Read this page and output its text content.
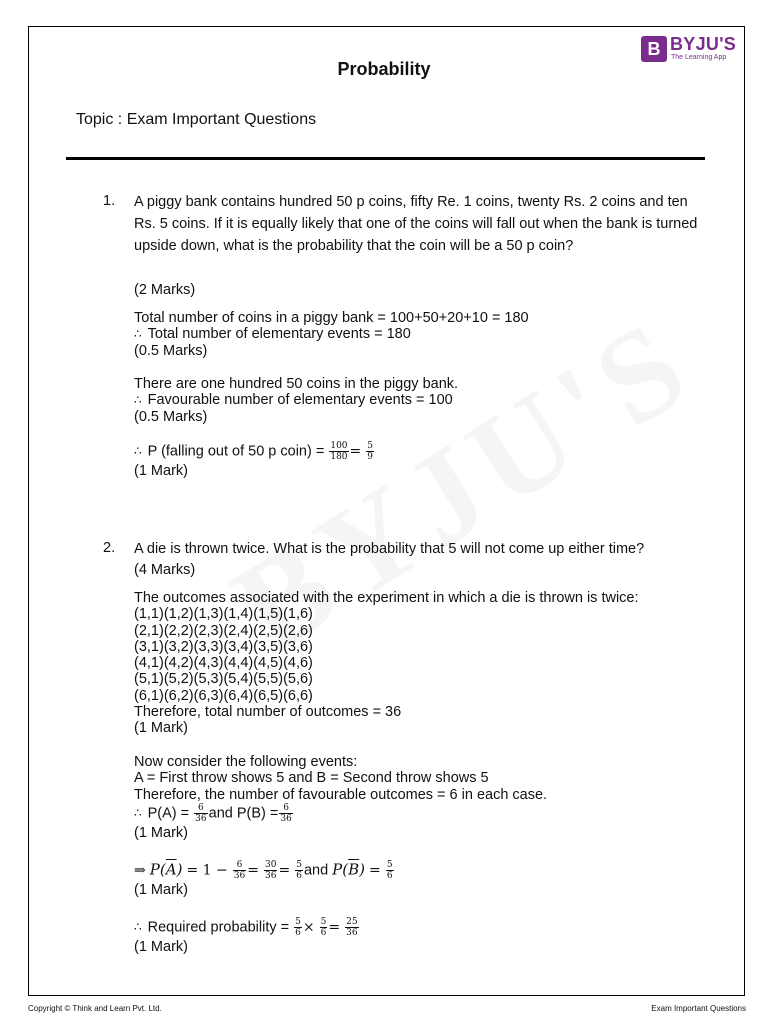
B BYJU'S
The Learning App
Probability
Topic : Exam Important Questions
1. A piggy bank contains hundred 50 p coins, fifty Re. 1 coins, twenty Rs. 2 coins and ten Rs. 5 coins. If it is equally likely that one of the coins will fall out when the bank is turned upside down, what is the probability that the coin will be a 50 p coin?
(2 Marks)
Total number of coins in a piggy bank = 100+50+20+10 = 180
∴ Total number of elementary events = 180
(0.5 Marks)
There are one hundred 50 coins in the piggy bank.
∴ Favourable number of elementary events = 100
(0.5 Marks)
∴ P (falling out of 50 p coin) = $\frac{100}{180} = \frac{5}{9}$
(1 Mark)
2. A die is thrown twice. What is the probability that 5 will not come up either time?
(4 Marks)
The outcomes associated with the experiment in which a die is thrown is twice:
(1,1)(1,2)(1,3)(1,4)(1,5)(1,6)
(2,1)(2,2)(2,3)(2,4)(2,5)(2,6)
(3,1)(3,2)(3,3)(3,4)(3,5)(3,6)
(4,1)(4,2)(4,3)(4,4)(4,5)(4,6)
(5,1)(5,2)(5,3)(5,4)(5,5)(5,6)
(6,1)(6,2)(6,3)(6,4)(6,5)(6,6)
Therefore, total number of outcomes = 36
(1 Mark)
Now consider the following events:
A = First throw shows 5 and B = Second throw shows 5
Therefore, the number of favourable outcomes = 6 in each case.
∴ $P(A) = \frac{6}{36}$ and $P(B) = \frac{6}{36}$
(1 Mark)
⇒ $P(\overline{A}) = 1 - \frac{6}{36} = \frac{30}{36} = \frac{5}{6}$ and $P(\overline{B}) = \frac{5}{6}$
(1 Mark)
∴ Required probability = $\frac{5}{6} \times \frac{5}{6} = \frac{25}{36}$
(1 Mark)
Copyright © Think and Learn Pvt. Ltd.	Exam Important Questions
